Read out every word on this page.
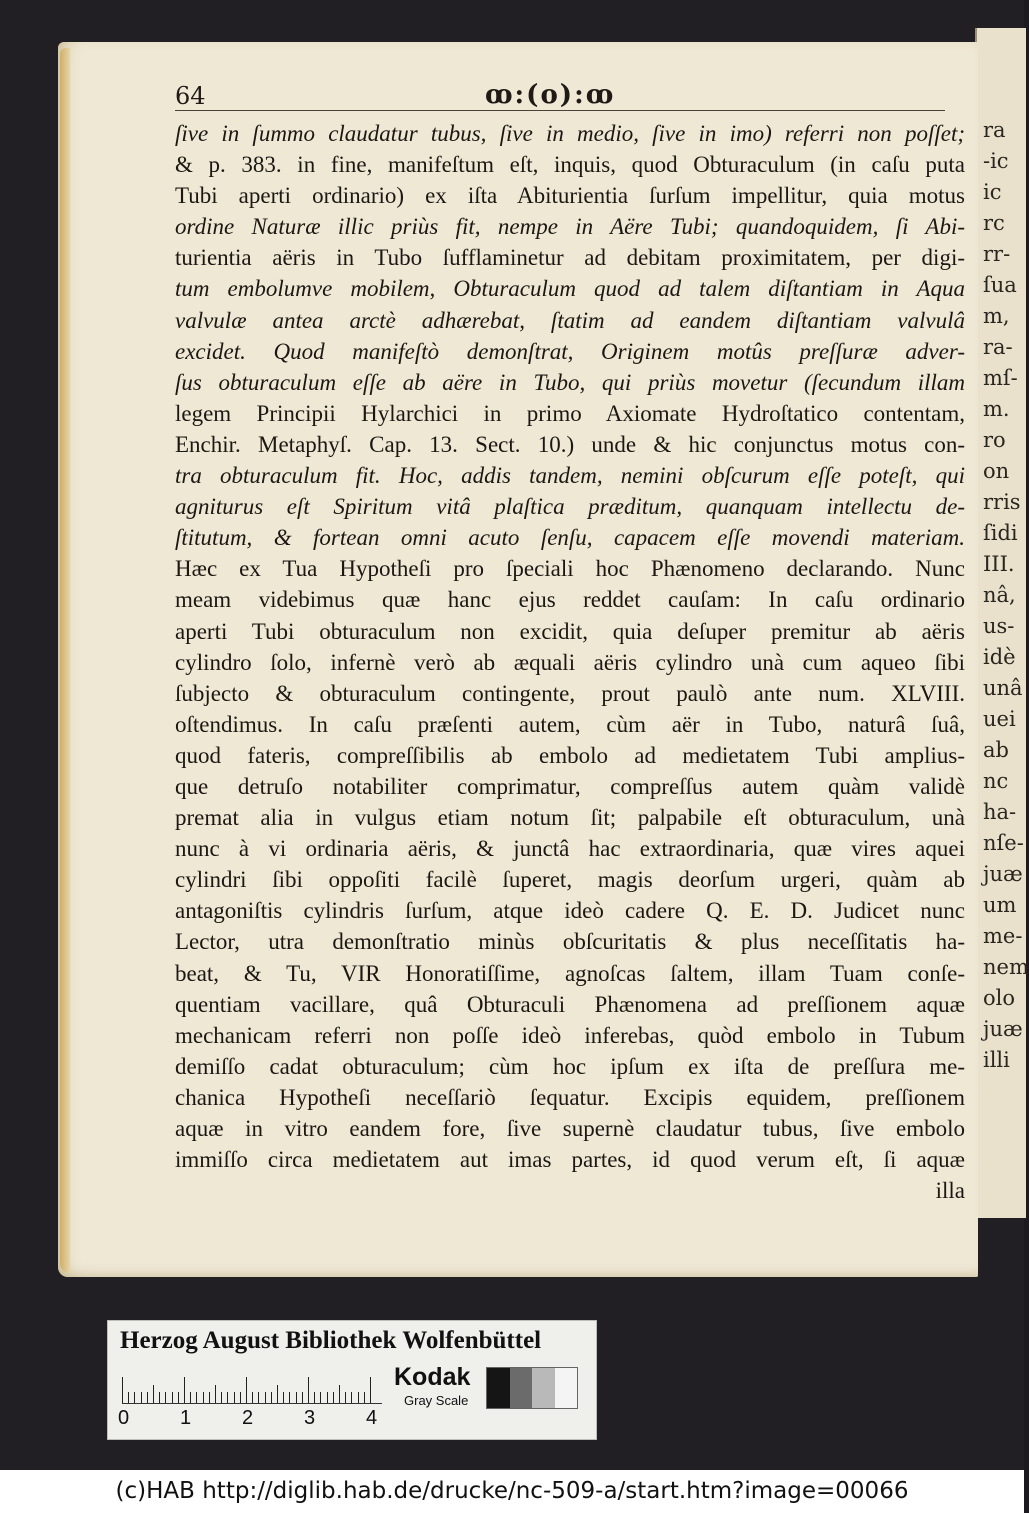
ra
-ic
ic
rc
rr-
ſua
m,
ra-
mſ-
m.
ro
on
rris
ſidi
III.
nâ,
us-
idè
unâ
uei
ab
nc
ha-
nſe-
juæ
um
me-
nem
olo
juæ
illi
64	ꝏ:(o):ꝏ
ſive in ſummo claudatur tubus, ſive in medio, ſive in imo) referri non poſſet;
& p. 383. in fine, manifeſtum eſt, inquis, quod Obturaculum (in caſu puta
Tubi aperti ordinario) ex iſta Abiturientia ſurſum impellitur, quia motus
ordine Naturæ illic priùs fit, nempe in Aëre Tubi; quandoquidem, ſi Abi-
turientia aëris in Tubo ſufflaminetur ad debitam proximitatem, per digi-
tum embolumve mobilem, Obturaculum quod ad talem diſtantiam in Aqua
valvulæ antea arctè adhærebat, ſtatim ad eandem diſtantiam valvulâ
excidet. Quod manifeſtò demonſtrat, Originem motûs preſſuræ adver-
ſus obturaculum eſſe ab aëre in Tubo, qui priùs movetur (ſecundum illam
legem Principii Hylarchici in primo Axiomate Hydroſtatico contentam,
Enchir. Metaphyſ. Cap. 13. Sect. 10.) unde & hic conjunctus motus con-
tra obturaculum fit. Hoc, addis tandem, nemini obſcurum eſſe poteſt, qui
agniturus eſt Spiritum vitâ plaſtica præditum, quanquam intellectu de-
ſtitutum, & fortean omni acuto ſenſu, capacem eſſe movendi materiam.
Hæc ex Tua Hypotheſi pro ſpeciali hoc Phænomeno declarando. Nunc
meam videbimus quæ hanc ejus reddet cauſam: In caſu ordinario
aperti Tubi obturaculum non excidit, quia deſuper premitur ab aëris
cylindro ſolo, infernè verò ab æquali aëris cylindro unà cum aqueo ſibi
ſubjecto & obturaculum contingente, prout paulò ante num. XLVIII.
oſtendimus. In caſu præſenti autem, cùm aër in Tubo, naturâ ſuâ,
quod fateris, compreſſibilis ab embolo ad medietatem Tubi amplius-
que detruſo notabiliter comprimatur, compreſſus autem quàm validè
premat alia in vulgus etiam notum ſit; palpabile eſt obturaculum, unà
nunc à vi ordinaria aëris, & junctâ hac extraordinaria, quæ vires aquei
cylindri ſibi oppoſiti facilè ſuperet, magis deorſum urgeri, quàm ab
antagoniſtis cylindris ſurſum, atque ideò cadere Q. E. D. Judicet nunc
Lector, utra demonſtratio minùs obſcuritatis & plus neceſſitatis ha-
beat, & Tu, VIR Honoratiſſime, agnoſcas ſaltem, illam Tuam conſe-
quentiam vacillare, quâ Obturaculi Phænomena ad preſſionem aquæ
mechanicam referri non poſſe ideò inferebas, quòd embolo in Tubum
demiſſo cadat obturaculum; cùm hoc ipſum ex iſta de preſſura me-
chanica Hypotheſi neceſſariò ſequatur. Excipis equidem, preſſionem
aquæ in vitro eandem fore, ſive supernè claudatur tubus, ſive embolo
immiſſo circa medietatem aut imas partes, id quod verum eſt, ſi aquæ
illa
Herzog August Bibliothek Wolfenbüttel
0	1	2	3	4
Kodak
Gray Scale
(c)HAB http://diglib.hab.de/drucke/nc-509-a/start.htm?image=00066
